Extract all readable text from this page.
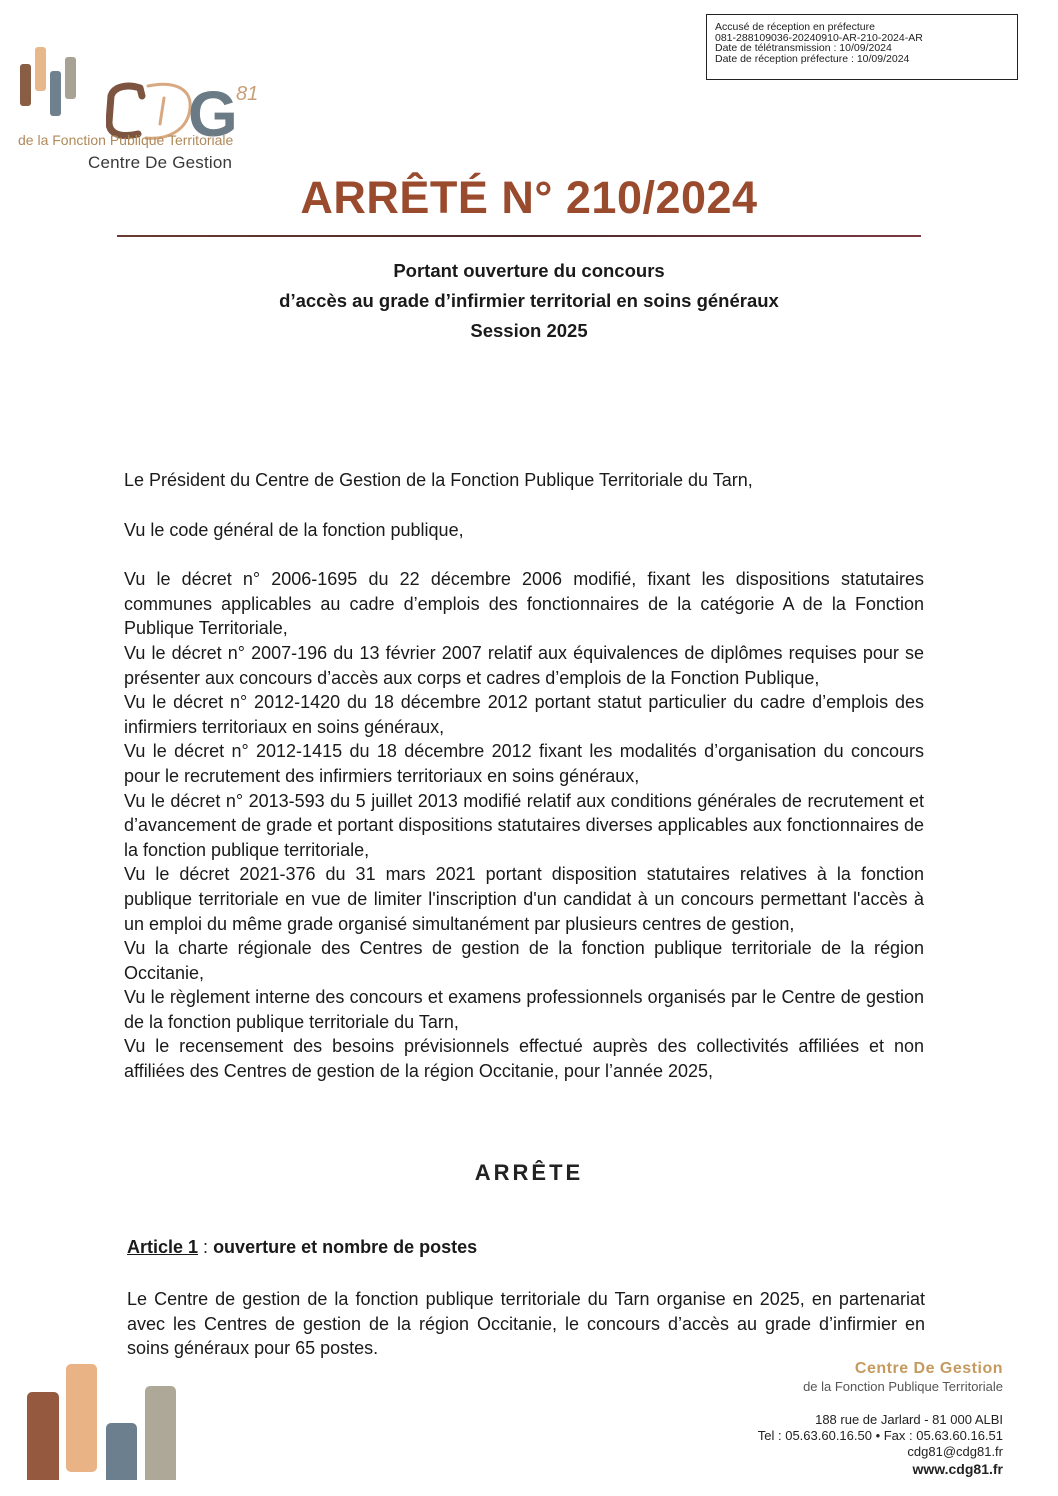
G
81
Centre De Gestion
de la Fonction Publique Territoriale
Accusé de réception en préfecture
081-288109036-20240910-AR-210-2024-AR
Date de télétransmission : 10/09/2024
Date de réception préfecture : 10/09/2024
ARRÊTÉ N° 210/2024
Portant ouverture du concours
d’accès au grade d’infirmier territorial en soins généraux
Session 2025

Le Président du Centre de Gestion de la Fonction Publique Territoriale du Tarn,

Vu le code général de la fonction publique,

Vu le décret n° 2006-1695 du 22 décembre 2006 modifié, fixant les dispositions statutaires communes applicables au cadre d’emplois des fonctionnaires de la catégorie A de la Fonction Publique Territoriale,

Vu le décret n° 2007-196 du 13 février 2007 relatif aux équivalences de diplômes requises pour se présenter aux concours d’accès aux corps et cadres d’emplois de la Fonction Publique,

Vu le décret n° 2012-1420 du 18 décembre 2012 portant statut particulier du cadre d’emplois des infirmiers territoriaux en soins généraux,

Vu le décret n° 2012-1415 du 18 décembre 2012 fixant les modalités d’organisation du concours pour le recrutement des infirmiers territoriaux en soins généraux,

Vu le décret n° 2013-593 du 5 juillet 2013 modifié relatif aux conditions générales de recrutement et d’avancement de grade et portant dispositions statutaires diverses applicables aux fonctionnaires de la fonction publique territoriale,

Vu le décret 2021-376 du 31 mars 2021 portant disposition statutaires relatives à la fonction publique territoriale en vue de limiter l'inscription d'un candidat à un concours permettant l'accès à un emploi du même grade organisé simultanément par plusieurs centres de gestion,

Vu la charte régionale des Centres de gestion de la fonction publique territoriale de la région Occitanie,

Vu le règlement interne des concours et examens professionnels organisés par le Centre de gestion de la fonction publique territoriale du Tarn,

Vu le recensement des besoins prévisionnels effectué auprès des collectivités affiliées et non affiliées des Centres de gestion de la région Occitanie, pour l’année 2025,

ARRÊTE
Article 1 : ouverture et nombre de postes
Le Centre de gestion de la fonction publique territoriale du Tarn organise en 2025, en partenariat avec les Centres de gestion de la région Occitanie, le concours d’accès au grade d’infirmier en soins généraux pour 65 postes.
Centre De Gestion
de la Fonction Publique Territoriale
188 rue de Jarlard - 81 000 ALBI
Tel : 05.63.60.16.50 • Fax : 05.63.60.16.51
cdg81@cdg81.fr
www.cdg81.fr
